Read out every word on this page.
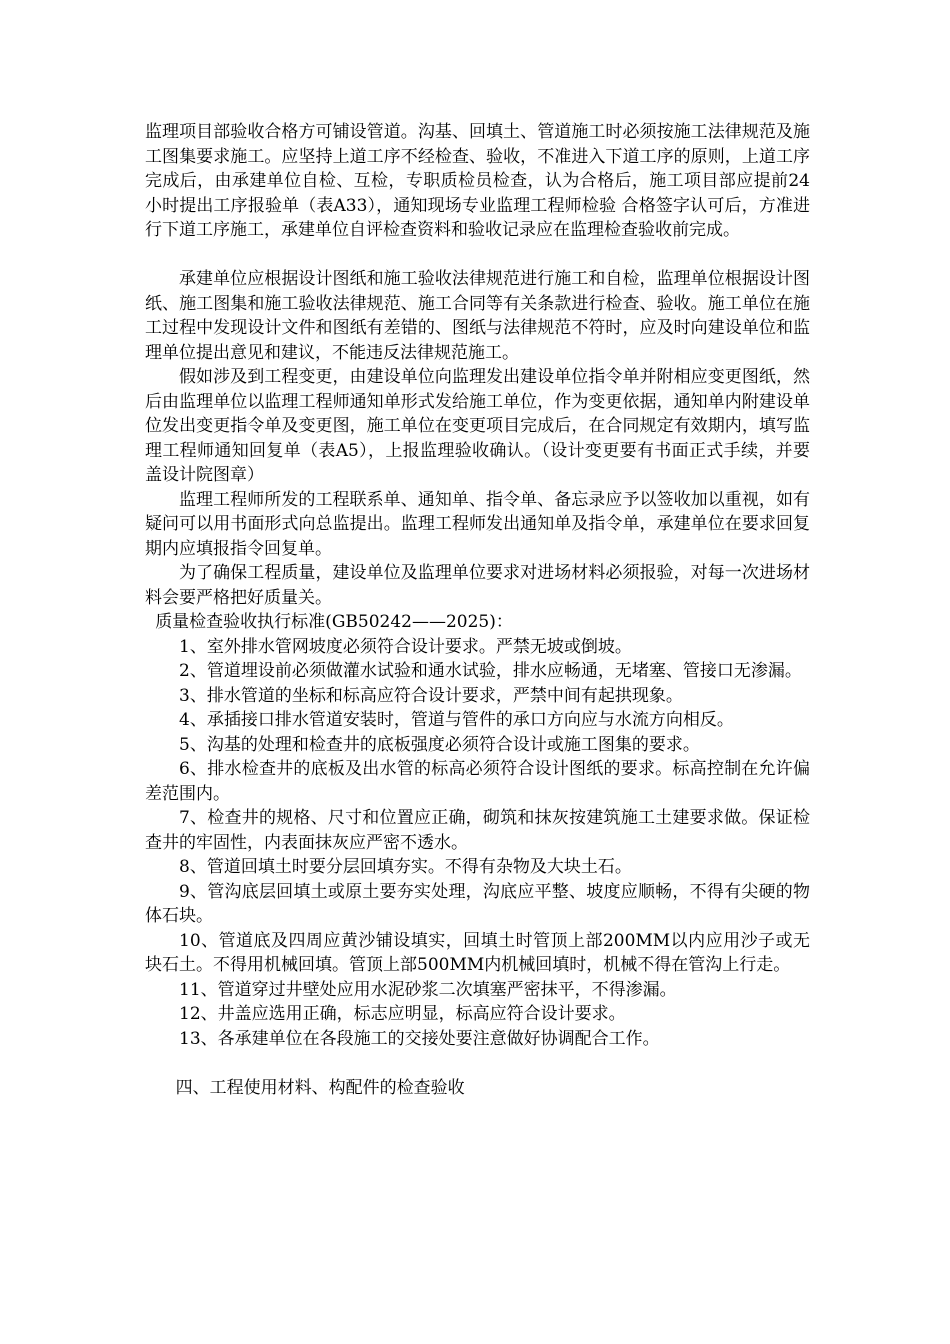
监理项目部验收合格方可铺设管道。沟基、回填土、管道施工时必须按施工法律规范及施工图集要求施工。应坚持上道工序不经检查、验收，不准进入下道工序的原则，上道工序完成后，由承建单位自检、互检，专职质检员检查，认为合格后，施工项目部应提前24小时提出工序报验单（表A33），通知现场专业监理工程师检验 合格签字认可后，方准进行下道工序施工，承建单位自评检查资料和验收记录应在监理检查验收前完成。

承建单位应根据设计图纸和施工验收法律规范进行施工和自检，监理单位根据设计图纸、施工图集和施工验收法律规范、施工合同等有关条款进行检查、验收。施工单位在施工过程中发现设计文件和图纸有差错的、图纸与法律规范不符时，应及时向建设单位和监理单位提出意见和建议，不能违反法律规范施工。

假如涉及到工程变更，由建设单位向监理发出建设单位指令单并附相应变更图纸，然后由监理单位以监理工程师通知单形式发给施工单位，作为变更依据，通知单内附建设单位发出变更指令单及变更图，施工单位在变更项目完成后，在合同规定有效期内，填写监理工程师通知回复单（表A5），上报监理验收确认。（设计变更要有书面正式手续，并要盖设计院图章）

监理工程师所发的工程联系单、通知单、指令单、备忘录应予以签收加以重视，如有疑问可以用书面形式向总监提出。监理工程师发出通知单及指令单，承建单位在要求回复期内应填报指令回复单。

为了确保工程质量，建设单位及监理单位要求对进场材料必须报验，对每一次进场材料会要严格把好质量关。

质量检查验收执行标准(GB50242——2025)：

1、室外排水管网坡度必须符合设计要求。严禁无坡或倒坡。

2、管道埋设前必须做灌水试验和通水试验，排水应畅通，无堵塞、管接口无渗漏。

3、排水管道的坐标和标高应符合设计要求，严禁中间有起拱现象。

4、承插接口排水管道安装时，管道与管件的承口方向应与水流方向相反。

5、沟基的处理和检查井的底板强度必须符合设计或施工图集的要求。

6、排水检查井的底板及出水管的标高必须符合设计图纸的要求。标高控制在允许偏差范围内。

7、检查井的规格、尺寸和位置应正确，砌筑和抹灰按建筑施工土建要求做。保证检查井的牢固性，内表面抹灰应严密不透水。

8、管道回填土时要分层回填夯实。不得有杂物及大块土石。

9、管沟底层回填土或原土要夯实处理，沟底应平整、坡度应顺畅，不得有尖硬的物体石块。

10、管道底及四周应黄沙铺设填实，回填土时管顶上部200MM以内应用沙子或无块石土。不得用机械回填。管顶上部500MM内机械回填时，机械不得在管沟上行走。

11、管道穿过井壁处应用水泥砂浆二次填塞严密抹平，不得渗漏。

12、井盖应选用正确，标志应明显，标高应符合设计要求。

13、各承建单位在各段施工的交接处要注意做好协调配合工作。

四、工程使用材料、构配件的检查验收
